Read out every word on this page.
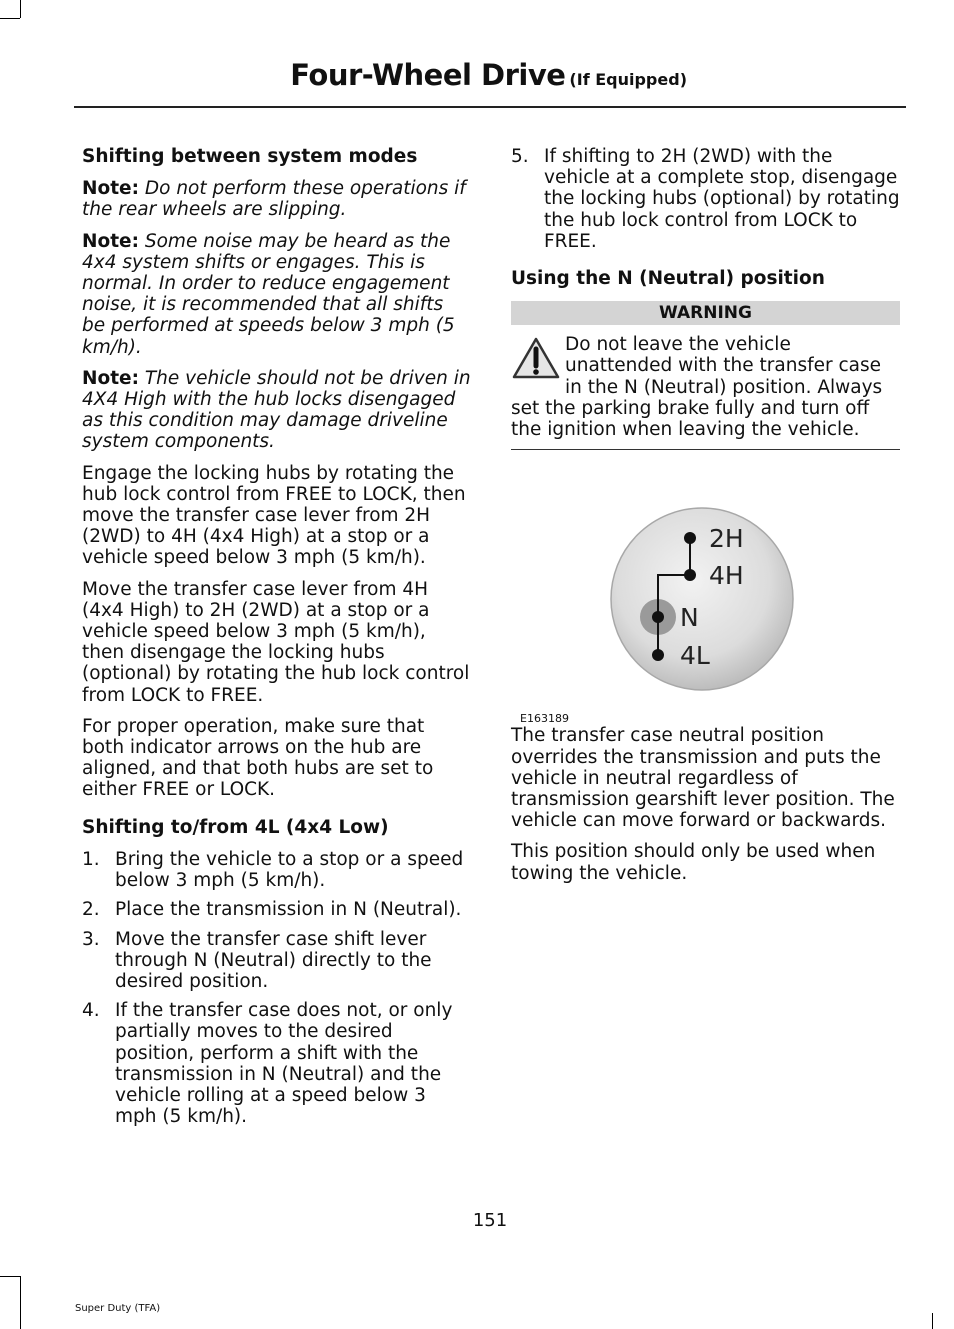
Four-Wheel Drive (If Equipped)
Shifting between system modes

Note: Do not perform these operations if the rear wheels are slipping.

Note: Some noise may be heard as the 4x4 system shifts or engages. This is normal. In order to reduce engagement noise, it is recommended that all shifts be performed at speeds below 3 mph (5 km/h).

Note: The vehicle should not be driven in 4X4 High with the hub locks disengaged as this condition may damage driveline system components.

Engage the locking hubs by rotating the hub lock control from FREE to LOCK, then move the transfer case lever from 2H (2WD) to 4H (4x4 High) at a stop or a vehicle speed below 3 mph (5 km/h).

Move the transfer case lever from 4H (4x4 High) to 2H (2WD) at a stop or a vehicle speed below 3 mph (5 km/h), then disengage the locking hubs (optional) by rotating the hub lock control from LOCK to FREE.

For proper operation, make sure that both indicator arrows on the hub are aligned, and that both hubs are set to either FREE or LOCK.

Shifting to/from 4L (4x4 Low)
1. Bring the vehicle to a stop or a speed below 3 mph (5 km/h).
2. Place the transmission in N (Neutral).
3. Move the transfer case shift lever through N (Neutral) directly to the desired position.
4. If the transfer case does not, or only partially moves to the desired position, perform a shift with the transmission in N (Neutral) and the vehicle rolling at a speed below 3 mph (5 km/h).
5. If shifting to 2H (2WD) with the vehicle at a complete stop, disengage the locking hubs (optional) by rotating the hub lock control from LOCK to FREE.
Using the N (Neutral) position
WARNING
Do not leave the vehicle unattended with the transfer case in the N (Neutral) position. Always set the parking brake fully and turn off the ignition when leaving the vehicle.
2H
4H
N
4L
E163189

The transfer case neutral position overrides the transmission and puts the vehicle in neutral regardless of transmission gearshift lever position. The vehicle can move forward or backwards.

This position should only be used when towing the vehicle.

151
Super Duty (TFA)
